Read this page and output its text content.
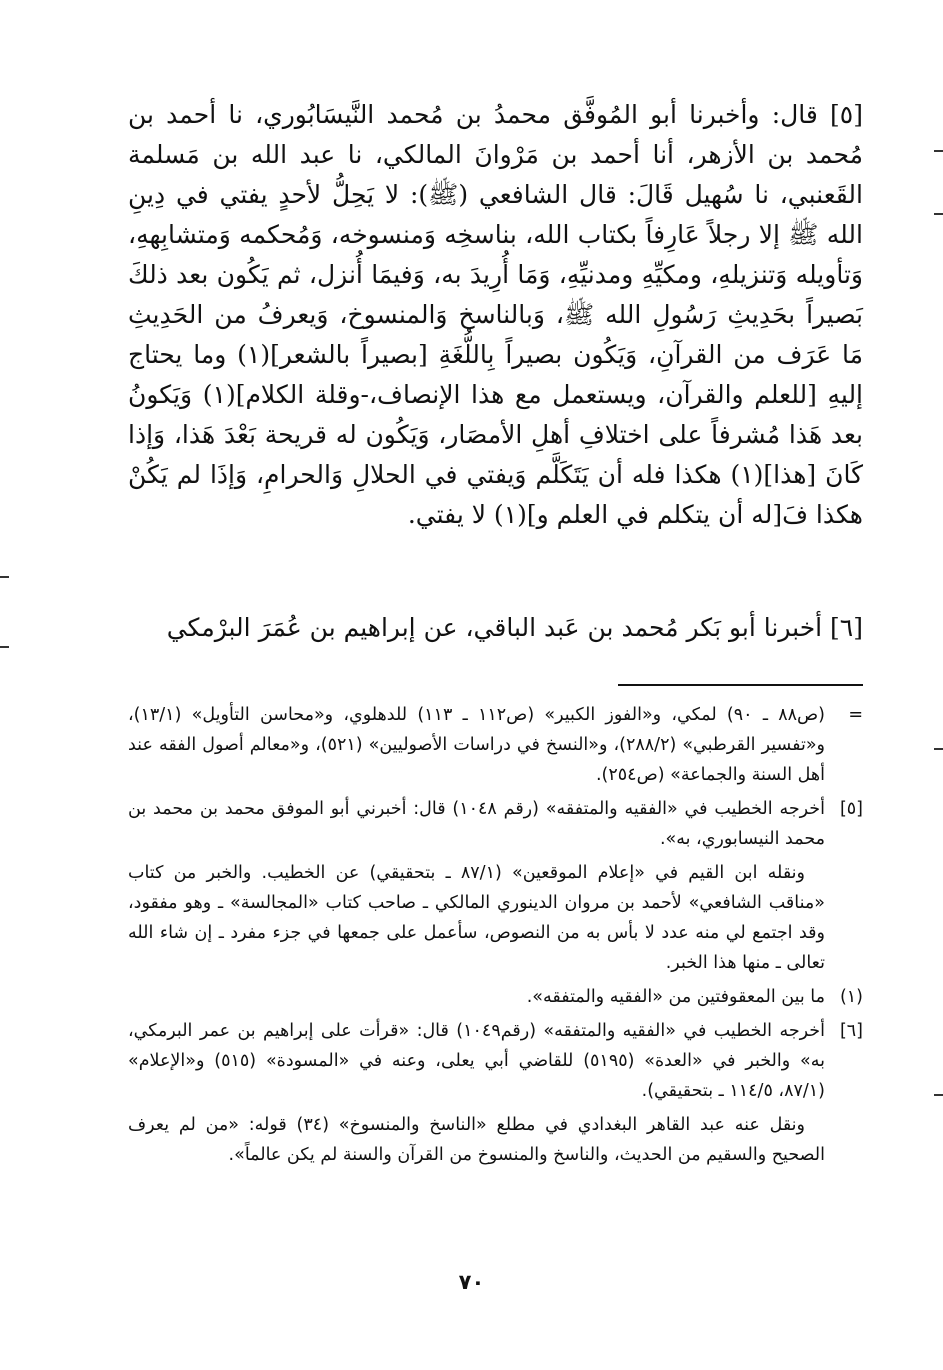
[٥] قال: وأخبرنا أبو المُوفَّق محمدُ بن مُحمد النَّيسَابُوري، نا أحمد بن مُحمد بن الأزهر، أنا أحمد بن مَرْوانَ المالكي، نا عبد الله بن مَسلمة القَعنبي، نا سُهيل قَالَ: قال الشافعي (ﷺ): لا يَحِلُّ لأحدٍ يفتي في دِينِ الله ﷺ إلا رجلاً عَارِفاً بكتاب الله، بناسخِه وَمنسوخه، وَمُحكمه وَمتشابِههِ، وَتأويله وَتنزيلهِ، ومكيِّهِ ومدنيِّهِ، وَمَا أُرِيدَ به، وَفيمَا أُنزل، ثم يَكُون بعد ذلكَ بَصيراً بحَدِيثِ رَسُولِ الله ﷺ، وَبالناسخ وَالمنسوخ، وَيعرفُ من الحَدِيثِ مَا عَرَف من القرآنِ، وَيَكُون بصيراً بِاللُّغَةِ [بصيراً بالشعر](١) وما يحتاج إليهِ [للعلم والقرآن، ويستعمل مع هذا الإنصاف،-وقلة الكلام](١) وَيَكونُ بعد هَذا مُشرفاً على اختلافِ أهلِ الأمصَار، وَيَكُون له قريحة بَعْدَ هَذا، وَإذا كَانَ [هذا](١) هكذا فله أن يَتَكَلَّم وَيفتي في الحلالِ وَالحرامِ، وَإذَا لم يَكُنْ هكذا فَ[له أن يتكلم في العلم و](١) لا يفتي.

[٦] أخبرنا أبو بَكر مُحمد بن عَبد الباقي، عن إبراهيم بن عُمَرَ البرْمكي

=
(ص٨٨ ـ ٩٠) لمكي، و«الفوز الكبير» (ص١١٢ ـ ١١٣) للدهلوي، و«محاسن التأويل» (١٣/١)، و«تفسير القرطبي» (٢٨٨/٢)، و«النسخ في دراسات الأصوليين» (٥٢١)، و«معالم أصول الفقه عند أهل السنة والجماعة» (ص٢٥٤).
[٥]
أخرجه الخطيب في «الفقيه والمتفقه» (رقم ١٠٤٨) قال: أخبرني أبو الموفق محمد بن محمد بن محمد النيسابوري، به».
ونقله ابن القيم في «إعلام الموقعين» (٨٧/١ ـ بتحقيقي) عن الخطيب. والخبر من كتاب «مناقب الشافعي» لأحمد بن مروان الدينوري المالكي ـ صاحب كتاب «المجالسة» ـ وهو مفقود، وقد اجتمع لي منه عدد لا بأس به من النصوص، سأعمل على جمعها في جزء مفرد ـ إن شاء الله تعالى ـ منها هذا الخبر.
(١)
ما بين المعقوفتين من «الفقيه والمتفقه».
[٦]
أخرجه الخطيب في «الفقيه والمتفقه» (رقم١٠٤٩) قال: «قرأت على إبراهيم بن عمر البرمكي، به» والخبر في «العدة» (٥١٩٥) للقاضي أبي يعلى، وعنه في «المسودة» (٥١٥) و«الإعلام» (٨٧/١، ١١٤/٥ ـ بتحقيقي).
ونقل عنه عبد القاهر البغدادي في مطلع «الناسخ والمنسوخ» (٣٤) قوله: «من لم يعرف الصحيح والسقيم من الحديث، والناسخ والمنسوخ من القرآن والسنة لم يكن عالماً».
٧٠
